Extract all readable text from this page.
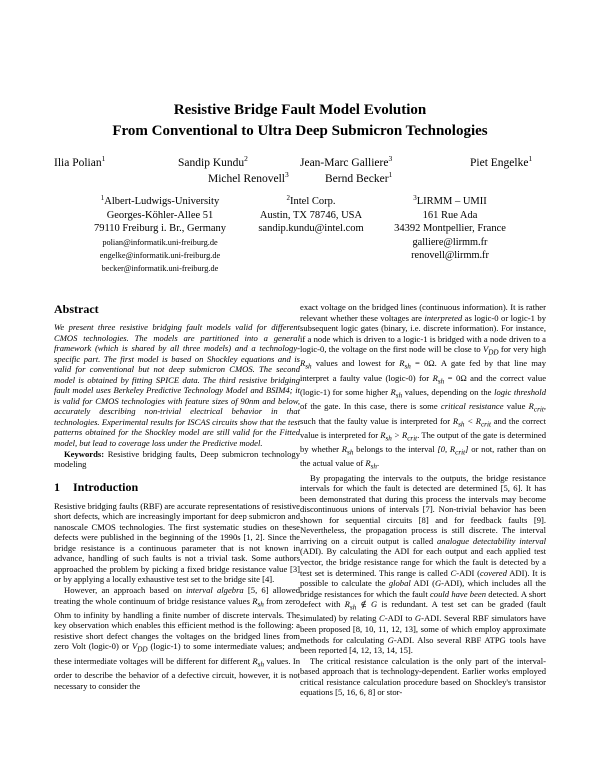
Resistive Bridge Fault Model Evolution
From Conventional to Ultra Deep Submicron Technologies
Ilia Polian$^1$	Sandip Kundu$^2$	Jean-Marc Galliere$^3$	Piet Engelke$^1$
Michel Renovell$^3$	Bernd Becker$^1$
$^1$Albert-Ludwigs-University
Georges-Köhler-Allee 51
79110 Freiburg i. Br., Germany
polian@informatik.uni-freiburg.de
engelke@informatik.uni-freiburg.de
becker@informatik.uni-freiburg.de
$^2$Intel Corp.
Austin, TX 78746, USA
sandip.kundu@intel.com
$^3$LIRMM – UMII
161 Rue Ada
34392 Montpellier, France
galliere@lirmm.fr
renovell@lirmm.fr
Abstract

We present three resistive bridging fault models valid for different CMOS technologies. The models are partitioned into a general framework (which is shared by all three models) and a technology-specific part. The first model is based on Shockley equations and is valid for conventional but not deep submicron CMOS. The second model is obtained by fitting SPICE data. The third resistive bridging fault model uses Berkeley Predictive Technology Model and BSIM4; it is valid for CMOS technologies with feature sizes of 90nm and below, accurately describing non-trivial electrical behavior in that technologies. Experimental results for ISCAS circuits show that the test patterns obtained for the Shockley model are still valid for the Fitted model, but lead to coverage loss under the Predictive model.

Keywords: Resistive bridging faults, Deep submicron technology modeling

1 Introduction

Resistive bridging faults (RBF) are accurate representations of resistive short defects, which are increasingly important for deep submicron and nanoscale CMOS technologies. The first systematic studies on these defects were published in the beginning of the 1990s [1, 2]. Since the bridge resistance is a continuous parameter that is not known in advance, handling of such faults is not a trivial task. Some authors approached the problem by picking a fixed bridge resistance value [3] or by applying a locally exhaustive test set to the bridge site [4].

However, an approach based on interval algebra [5, 6] allowed treating the whole continuum of bridge resistance values $R_{sh}$ from zero Ohm to infinity by handling a finite number of discrete intervals. The key observation which enables this efficient method is the following: a resistive short defect changes the voltages on the bridged lines from zero Volt (logic-0) or $V_{DD}$ (logic-1) to some intermediate values; and these intermediate voltages will be different for different $R_{sh}$ values. In order to describe the behavior of a defective circuit, however, it is not necessary to consider the

exact voltage on the bridged lines (continuous information). It is rather relevant whether these voltages are interpreted as logic-0 or logic-1 by subsequent logic gates (binary, i.e. discrete information). For instance, if a node which is driven to a logic-1 is bridged with a node driven to a logic-0, the voltage on the first node will be close to $V_{DD}$ for very high $R_{sh}$ values and lowest for $R_{sh} = 0\Omega$. A gate fed by that line may interpret a faulty value (logic-0) for $R_{sh} = 0\Omega$ and the correct value (logic-1) for some higher $R_{sh}$ values, depending on the logic threshold of the gate. In this case, there is some critical resistance value $R_{crit}$, such that the faulty value is interpreted for $R_{sh} < R_{crit}$ and the correct value is interpreted for $R_{sh} > R_{crit}$. The output of the gate is determined by whether $R_{sh}$ belongs to the interval [0, $R_{crit}$] or not, rather than on the actual value of $R_{sh}$.

By propagating the intervals to the outputs, the bridge resistance intervals for which the fault is detected are determined [5, 6]. It has been demonstrated that during this process the intervals may become discontinuous unions of intervals [7]. Non-trivial behavior has been shown for sequential circuits [8] and for feedback faults [9]. Nevertheless, the propagation process is still discrete. The interval arriving on a circuit output is called analogue detectability interval (ADI). By calculating the ADI for each output and each applied test vector, the bridge resistance range for which the fault is detected by a test set is determined. This range is called C-ADI (covered ADI). It is possible to calculate the global ADI (G-ADI), which includes all the bridge resistances for which the fault could have been detected. A short defect with $R_{sh}$ ∉ G is redundant. A test set can be graded (fault simulated) by relating C-ADI to G-ADI. Several RBF simulators have been proposed [8, 10, 11, 12, 13], some of which employ approximate methods for calculating G-ADI. Also several RBF ATPG tools have been reported [4, 12, 13, 14, 15].

The critical resistance calculation is the only part of the interval-based approach that is technology-dependent. Earlier works employed critical resistance calculation procedure based on Shockley's transistor equations [5, 16, 6, 8] or stor-
